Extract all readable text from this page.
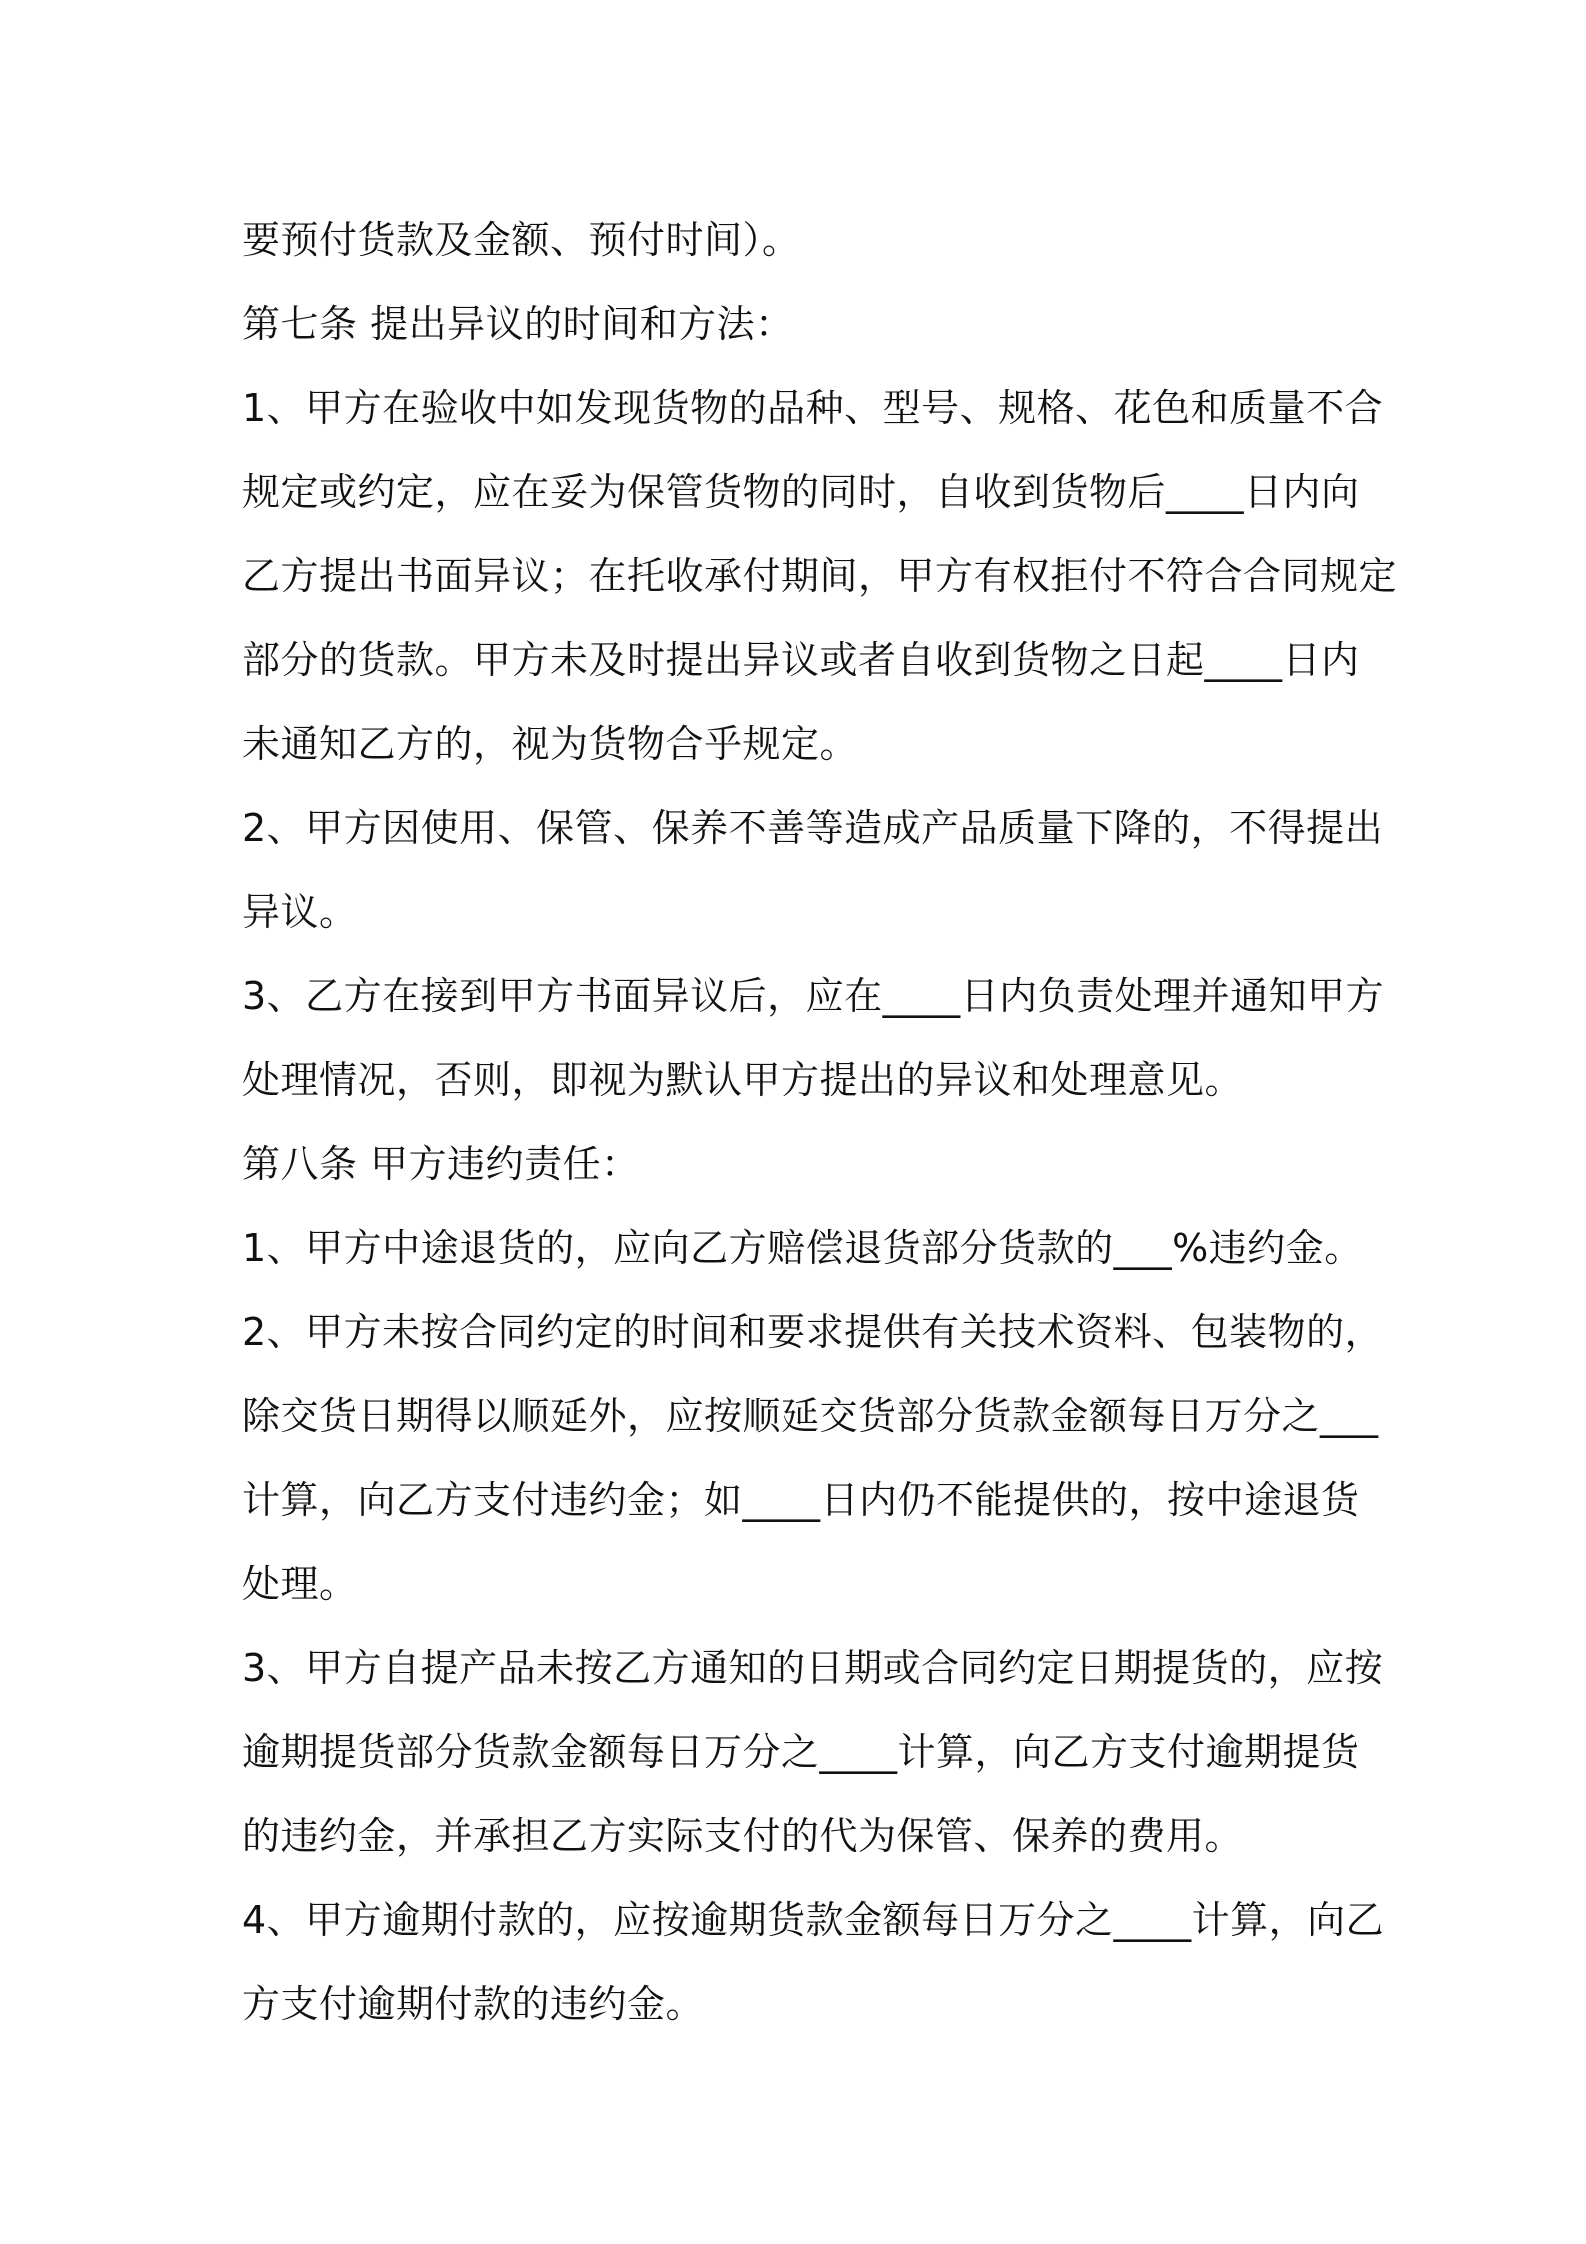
要预付货款及金额、预付时间）。
第七条 提出异议的时间和方法：
1、甲方在验收中如发现货物的品种、型号、规格、花色和质量不合
规定或约定，应在妥为保管货物的同时，自收到货物后____日内向
乙方提出书面异议；在托收承付期间，甲方有权拒付不符合合同规定
部分的货款。甲方未及时提出异议或者自收到货物之日起____日内
未通知乙方的，视为货物合乎规定。
2、甲方因使用、保管、保养不善等造成产品质量下降的，不得提出
异议。
3、乙方在接到甲方书面异议后，应在____日内负责处理并通知甲方
处理情况，否则，即视为默认甲方提出的异议和处理意见。
第八条 甲方违约责任：
1、甲方中途退货的，应向乙方赔偿退货部分货款的___%违约金。
2、甲方未按合同约定的时间和要求提供有关技术资料、包装物的，
除交货日期得以顺延外，应按顺延交货部分货款金额每日万分之___
计算，向乙方支付违约金；如____日内仍不能提供的，按中途退货
处理。
3、甲方自提产品未按乙方通知的日期或合同约定日期提货的，应按
逾期提货部分货款金额每日万分之____计算，向乙方支付逾期提货
的违约金，并承担乙方实际支付的代为保管、保养的费用。
4、甲方逾期付款的，应按逾期货款金额每日万分之____计算，向乙
方支付逾期付款的违约金。
